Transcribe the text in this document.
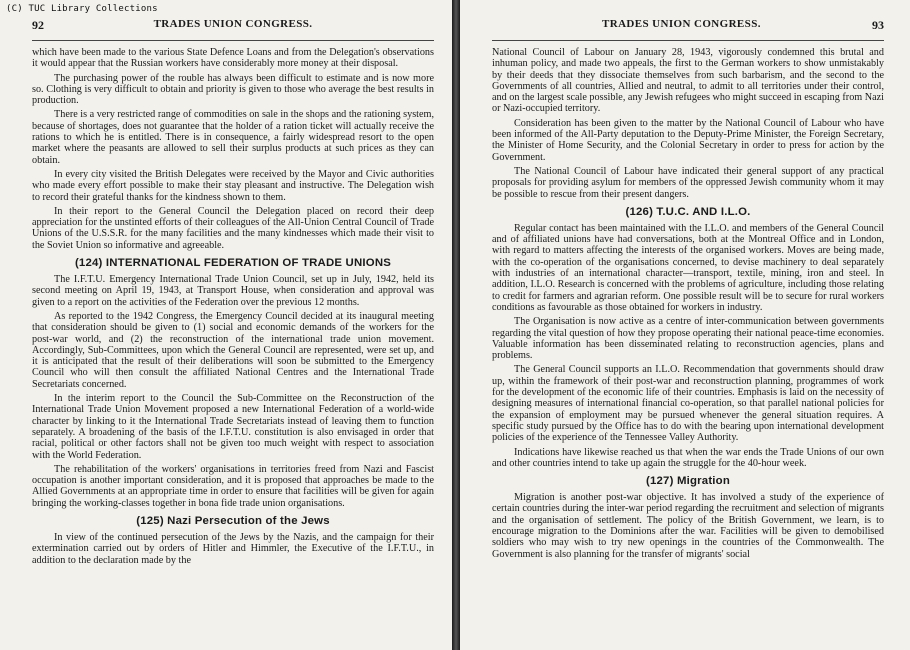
(C) TUC Library Collections
92	TRADES UNION CONGRESS.

which have been made to the various State Defence Loans and from the Delegation's observations it would appear that the Russian workers have considerably more money at their disposal.

The purchasing power of the rouble has always been difficult to estimate and is now more so. Clothing is very difficult to obtain and priority is given to those who average the best results in production.

There is a very restricted range of commodities on sale in the shops and the rationing system, because of shortages, does not guarantee that the holder of a ration ticket will actually receive the rations to which he is entitled. There is in consequence, a fairly widespread resort to the open market where the peasants are allowed to sell their surplus products at such prices as they can obtain.

In every city visited the British Delegates were received by the Mayor and Civic authorities who made every effort possible to make their stay pleasant and instructive. The Delegation wish to record their grateful thanks for the kindness shown to them.

In their report to the General Council the Delegation placed on record their deep appreciation for the unstinted efforts of their colleagues of the All-Union Central Council of Trade Unions of the U.S.S.R. for the many facilities and the many kindnesses which made their visit to the Soviet Union so informative and agreeable.

(124) INTERNATIONAL FEDERATION OF TRADE UNIONS

The I.F.T.U. Emergency International Trade Union Council, set up in July, 1942, held its second meeting on April 19, 1943, at Transport House, when consideration and approval was given to a report on the activities of the Federation over the previous 12 months.

As reported to the 1942 Congress, the Emergency Council decided at its inaugural meeting that consideration should be given to (1) social and economic demands of the workers for the post-war world, and (2) the reconstruction of the international trade union movement. Accordingly, Sub-Committees, upon which the General Council are represented, were set up, and it is anticipated that the result of their deliberations will soon be submitted to the Emergency Council who will then consult the affiliated National Centres and the International Trade Secretariats concerned.

In the interim report to the Council the Sub-Committee on the Reconstruction of the International Trade Union Movement proposed a new International Federation of a world-wide character by linking to it the International Trade Secretariats instead of leaving them to function separately. A broadening of the basis of the I.F.T.U. constitution is also envisaged in order that racial, political or other factors shall not be given too much weight with respect to association with the World Federation.

The rehabilitation of the workers' organisations in territories freed from Nazi and Fascist occupation is another important consideration, and it is proposed that approaches be made to the Allied Governments at an appropriate time in order to ensure that facilities will be given for again bringing the working-classes together in bona fide trade union organisations.

(125) Nazi Persecution of the Jews

In view of the continued persecution of the Jews by the Nazis, and the campaign for their extermination carried out by orders of Hitler and Himmler, the Executive of the I.F.T.U., in addition to the declaration made by the

TRADES UNION CONGRESS.	93

National Council of Labour on January 28, 1943, vigorously condemned this brutal and inhuman policy, and made two appeals, the first to the German workers to show unmistakably by their deeds that they dissociate themselves from such barbarism, and the second to the Governments of all countries, Allied and neutral, to admit to all territories under their control, and on the largest scale possible, any Jewish refugees who might succeed in escaping from Nazi or Nazi-occupied territory.

Consideration has been given to the matter by the National Council of Labour who have been informed of the All-Party deputation to the Deputy-Prime Minister, the Foreign Secretary, the Minister of Home Security, and the Colonial Secretary in order to press for action by the Government.

The National Council of Labour have indicated their general support of any practical proposals for providing asylum for members of the oppressed Jewish community whom it may be possible to rescue from their present dangers.

(126) T.U.C. AND I.L.O.

Regular contact has been maintained with the I.L.O. and members of the General Council and of affiliated unions have had conversations, both at the Montreal Office and in London, with regard to matters affecting the interests of the organised workers. Moves are being made, with the co-operation of the organisations concerned, to devise machinery to deal separately with industries of an international character—transport, textile, mining, iron and steel. In addition, I.L.O. Research is concerned with the problems of agriculture, including those relating to credit for farmers and agrarian reform. One possible result will be to secure for rural workers conditions as favourable as those obtained for workers in industry.

The Organisation is now active as a centre of inter-communication between governments regarding the vital question of how they propose operating their national peace-time economies. Valuable information has been disseminated relating to reconstruction agencies, plans and problems.

The General Council supports an I.L.O. Recommendation that governments should draw up, within the framework of their post-war and reconstruction planning, programmes of work for the development of the economic life of their countries. Emphasis is laid on the necessity of designing measures of international financial co-operation, so that parallel national policies for the expansion of employment may be pursued whenever the general situation requires. A specific study pursued by the Office has to do with the bearing upon international development policies of the experience of the Tennessee Valley Authority.

Indications have likewise reached us that when the war ends the Trade Unions of our own and other countries intend to take up again the struggle for the 40-hour week.

(127) Migration

Migration is another post-war objective. It has involved a study of the experience of certain countries during the inter-war period regarding the recruitment and selection of migrants and the organisation of settlement. The policy of the British Government, we learn, is to encourage migration to the Dominions after the war. Facilities will be given to demobilised soldiers who may wish to try new openings in the countries of the Commonwealth. The Government is also planning for the transfer of migrants' social
